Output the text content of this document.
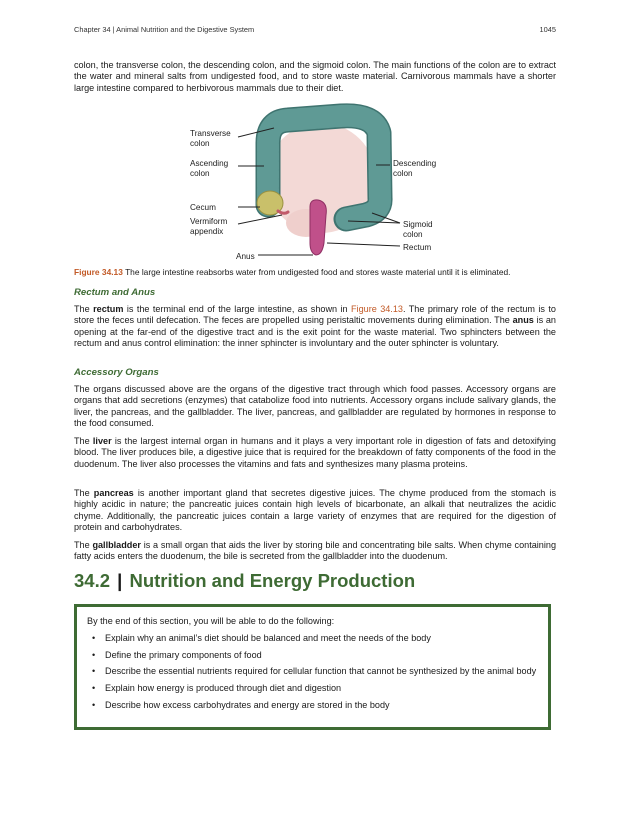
Chapter 34 | Animal Nutrition and the Digestive System	1045

colon, the transverse colon, the descending colon, and the sigmoid colon. The main functions of the colon are to extract the water and mineral salts from undigested food, and to store waste material. Carnivorous mammals have a shorter large intestine compared to herbivorous mammals due to their diet.

Transverse
colon
Ascending
colon
Cecum
Vermiform
appendix
Anus
Descending
colon
Sigmoid
colon
Rectum

Figure 34.13 The large intestine reabsorbs water from undigested food and stores waste material until it is eliminated.

Rectum and Anus

The rectum is the terminal end of the large intestine, as shown in Figure 34.13. The primary role of the rectum is to store the feces until defecation. The feces are propelled using peristaltic movements during elimination. The anus is an opening at the far-end of the digestive tract and is the exit point for the waste material. Two sphincters between the rectum and anus control elimination: the inner sphincter is involuntary and the outer sphincter is voluntary.

Accessory Organs

The organs discussed above are the organs of the digestive tract through which food passes. Accessory organs are organs that add secretions (enzymes) that catabolize food into nutrients. Accessory organs include salivary glands, the liver, the pancreas, and the gallbladder. The liver, pancreas, and gallbladder are regulated by hormones in response to the food consumed.

The liver is the largest internal organ in humans and it plays a very important role in digestion of fats and detoxifying blood. The liver produces bile, a digestive juice that is required for the breakdown of fatty components of the food in the duodenum. The liver also processes the vitamins and fats and synthesizes many plasma proteins.

The pancreas is another important gland that secretes digestive juices. The chyme produced from the stomach is highly acidic in nature; the pancreatic juices contain high levels of bicarbonate, an alkali that neutralizes the acidic chyme. Additionally, the pancreatic juices contain a large variety of enzymes that are required for the digestion of protein and carbohydrates.

The gallbladder is a small organ that aids the liver by storing bile and concentrating bile salts. When chyme containing fatty acids enters the duodenum, the bile is secreted from the gallbladder into the duodenum.

34.2 | Nutrition and Energy Production

By the end of this section, you will be able to do the following:

• Explain why an animal’s diet should be balanced and meet the needs of the body
• Define the primary components of food
• Describe the essential nutrients required for cellular function that cannot be synthesized by the animal body
• Explain how energy is produced through diet and digestion
• Describe how excess carbohydrates and energy are stored in the body
